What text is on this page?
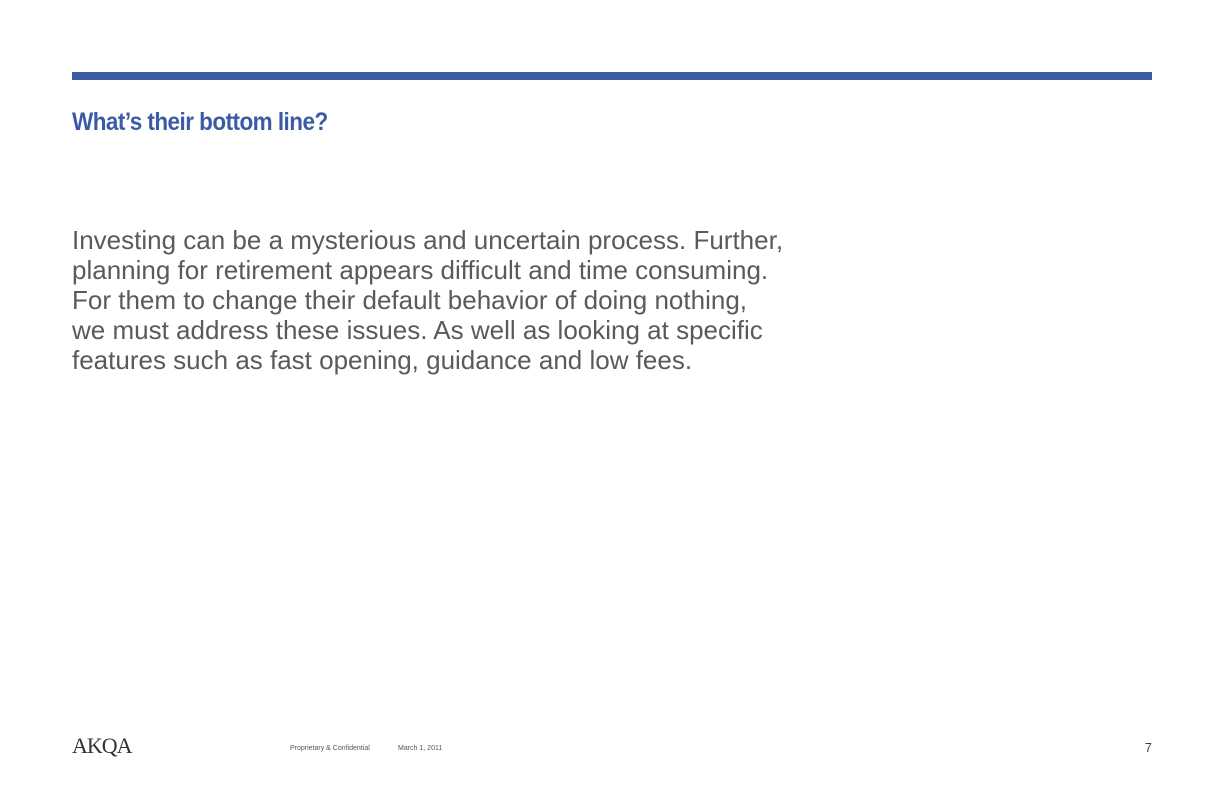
What’s their bottom line?
Investing can be a mysterious and uncertain process. Further,
planning for retirement appears difficult and time consuming.
For them to change their default behavior of doing nothing,
we must address these issues. As well as looking at specific
features such as fast opening, guidance and low fees.
AKQA	Proprietary & Confidential	March 1, 2011	7
